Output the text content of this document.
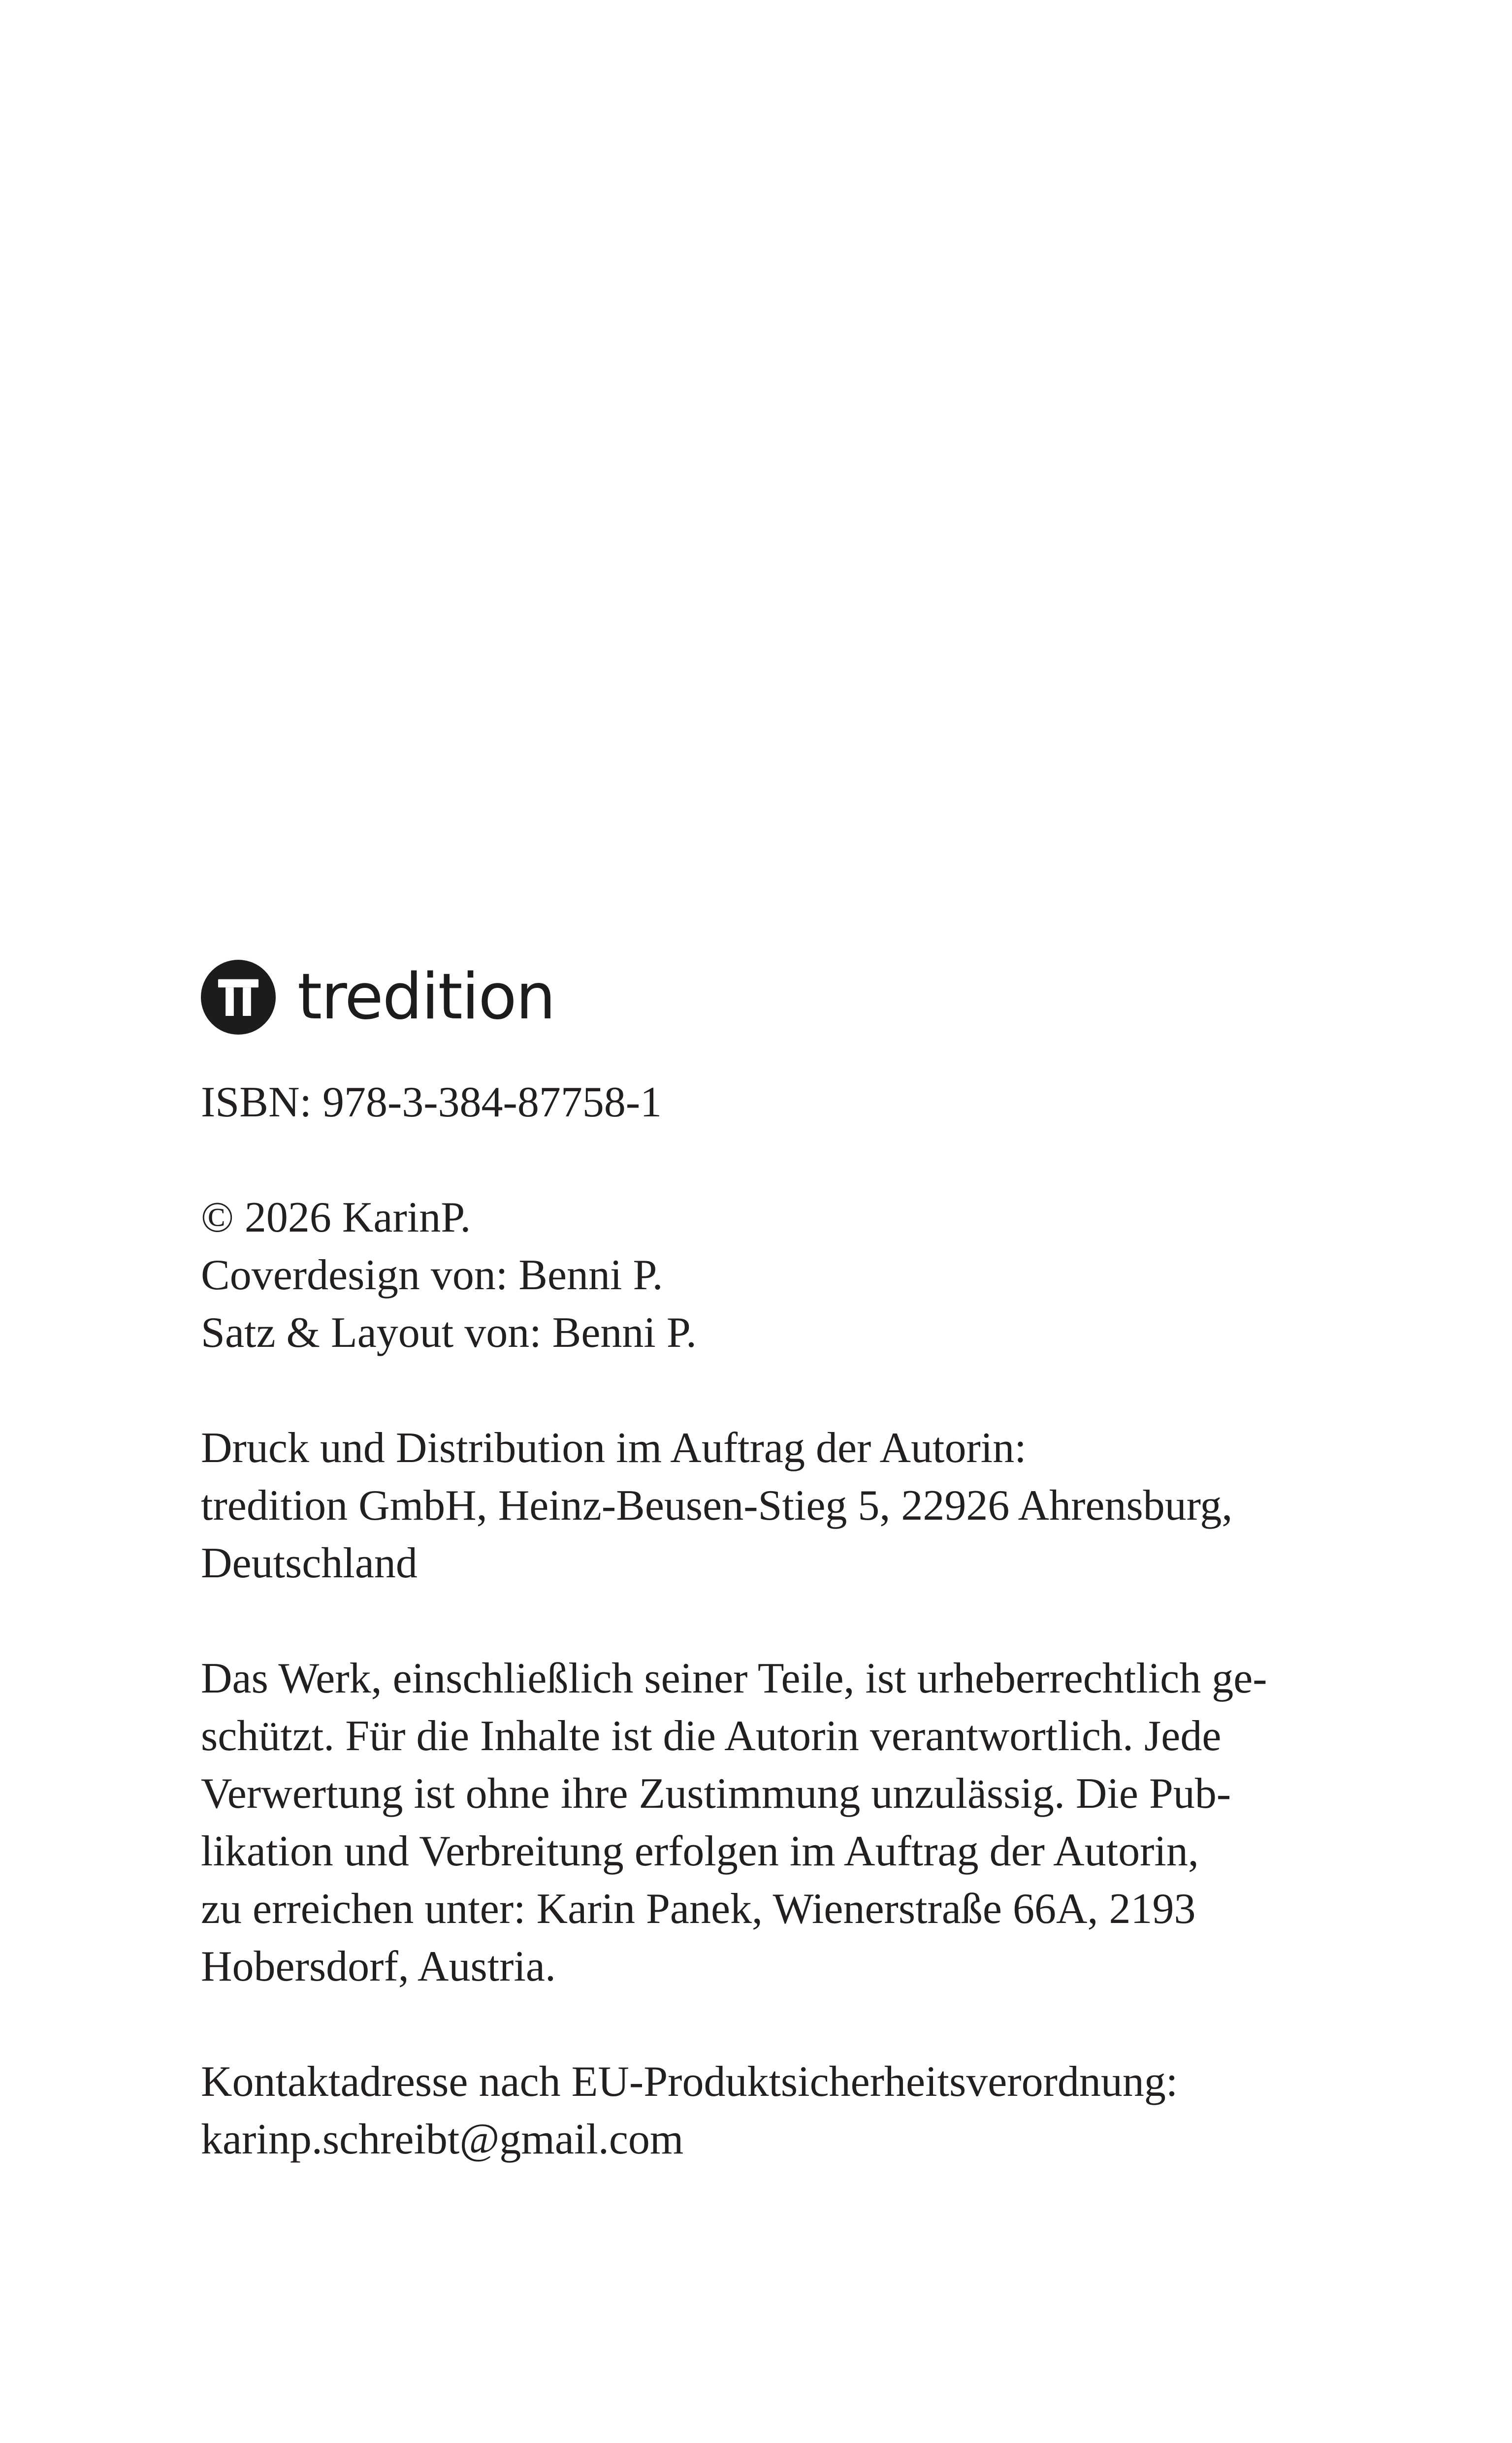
tredition
ISBN: 978-3-384-87758-1
© 2026 KarinP.
Coverdesign von: Benni P.
Satz & Layout von: Benni P.
Druck und Distribution im Auftrag der Autorin:
tredition GmbH, Heinz-Beusen-Stieg 5, 22926 Ahrensburg,
Deutschland
Das Werk, einschließlich seiner Teile, ist urheberrechtlich ge-
schützt. Für die Inhalte ist die Autorin verantwortlich. Jede
Verwertung ist ohne ihre Zustimmung unzulässig. Die Pub-
likation und Verbreitung erfolgen im Auftrag der Autorin,
zu erreichen unter: Karin Panek, Wienerstraße 66A, 2193
Hobersdorf, Austria.
Kontaktadresse nach EU-Produktsicherheitsverordnung:
karinp.schreibt@gmail.com
